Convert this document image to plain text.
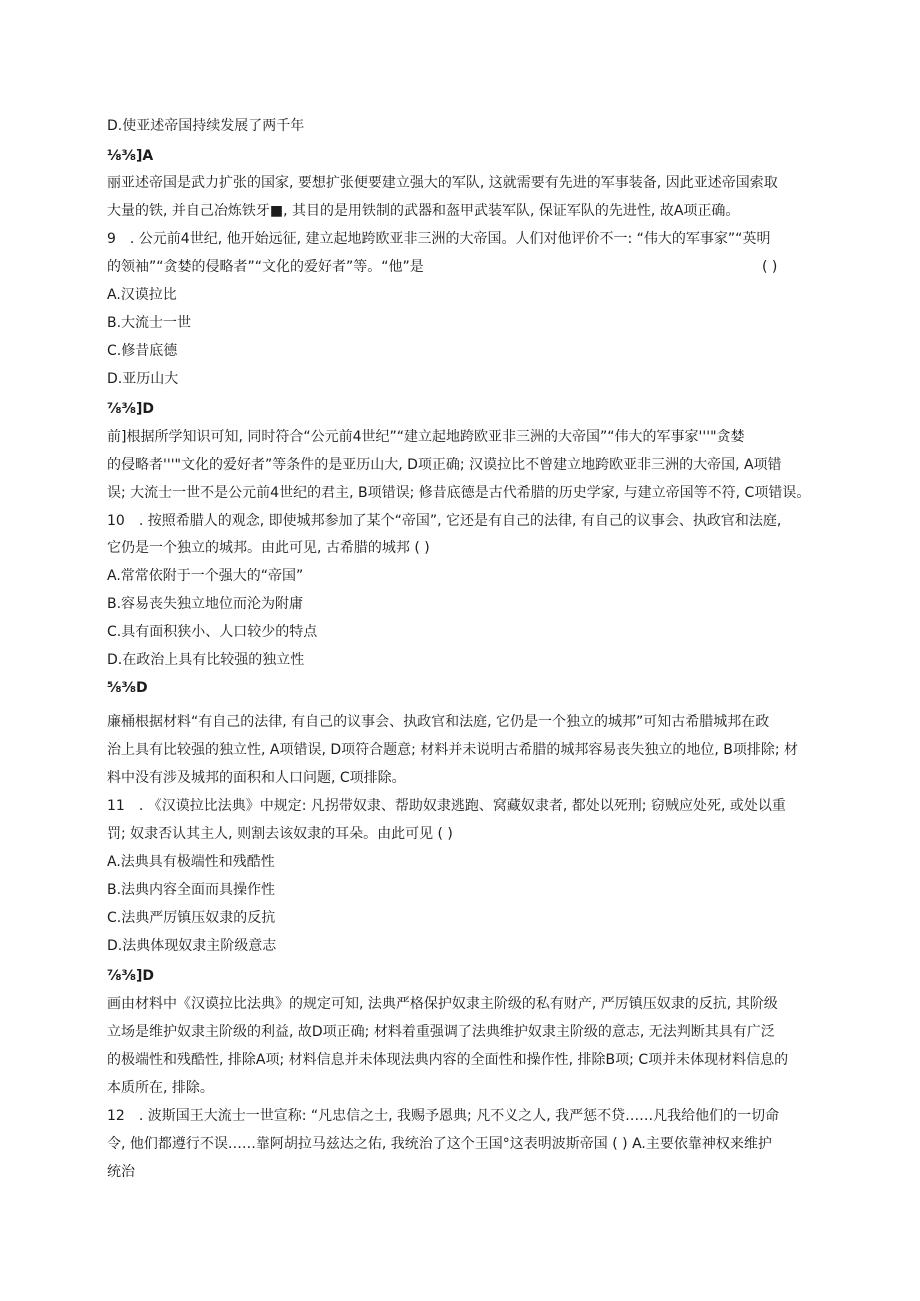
D.使亚述帝国持续发展了两千年
⅛⅜]A
丽亚述帝国是武力扩张的国家, 要想扩张便要建立强大的军队, 这就需要有先进的军事装备, 因此亚述帝国索取
大量的铁, 并自己冶炼铁牙■, 其目的是用铁制的武器和盔甲武装军队, 保证军队的先进性, 故A项正确。
9　. 公元前4世纪, 他开始远征, 建立起地跨欧亚非三洲的大帝国。人们对他评价不一: “伟大的军事家”“英明
的领袖”“贪婪的侵略者”“文化的爱好者”等。“他”是
A.汉谟拉比
B.大流士一世
C.修昔底德
D.亚历山大
⅞⅜]D
前]根据所学知识可知, 同时符合“公元前4世纪”“建立起地跨欧亚非三洲的大帝国”“伟大的军事家'''"贪婪
的侵略者'''"文化的爱好者”等条件的是亚历山大, D项正确; 汉谟拉比不曾建立地跨欧亚非三洲的大帝国, A项错
误; 大流士一世不是公元前4世纪的君主, B项错误; 修昔底德是古代希腊的历史学家, 与建立帝国等不符, C项错误。
10　. 按照希腊人的观念, 即使城邦参加了某个“帝国”, 它还是有自己的法律, 有自己的议事会、执政官和法庭,
它仍是一个独立的城邦。由此可见, 古希腊的城邦 ( )
A.常常依附于一个强大的“帝国”
B.容易丧失独立地位而沦为附庸
C.具有面积狭小、人口较少的特点
D.在政治上具有比较强的独立性
⅝⅜D
廉桶根据材料“有自己的法律, 有自己的议事会、执政官和法庭, 它仍是一个独立的城邦”可知古希腊城邦在政
治上具有比较强的独立性, A项错误, D项符合题意; 材料并未说明古希腊的城邦容易丧失独立的地位, B项排除; 材
料中没有涉及城邦的面积和人口问题, C项排除。
11　. 《汉谟拉比法典》中规定: 凡拐带奴隶、帮助奴隶逃跑、窝藏奴隶者, 都处以死刑; 窃贼应处死, 或处以重
罚; 奴隶否认其主人, 则割去该奴隶的耳朵。由此可见 ( )
A.法典具有极端性和残酷性
B.法典内容全面而具操作性
C.法典严厉镇压奴隶的反抗
D.法典体现奴隶主阶级意志
⅞⅜]D
画由材料中《汉谟拉比法典》的规定可知, 法典严格保护奴隶主阶级的私有财产, 严厉镇压奴隶的反抗, 其阶级
立场是维护奴隶主阶级的利益, 故D项正确; 材料着重强调了法典维护奴隶主阶级的意志, 无法判断其具有广泛
的极端性和残酷性, 排除A项; 材料信息并未体现法典内容的全面性和操作性, 排除B项; C项并未体现材料信息的
本质所在, 排除。
12　. 波斯国王大流士一世宣称: “凡忠信之士, 我赐予恩典; 凡不义之人, 我严惩不贷……凡我给他们的一切命
令, 他们都遵行不误……靠阿胡拉马兹达之佑, 我统治了这个王国°这表明波斯帝国 ( ) A.主要依靠神权来维护
统治
( )
